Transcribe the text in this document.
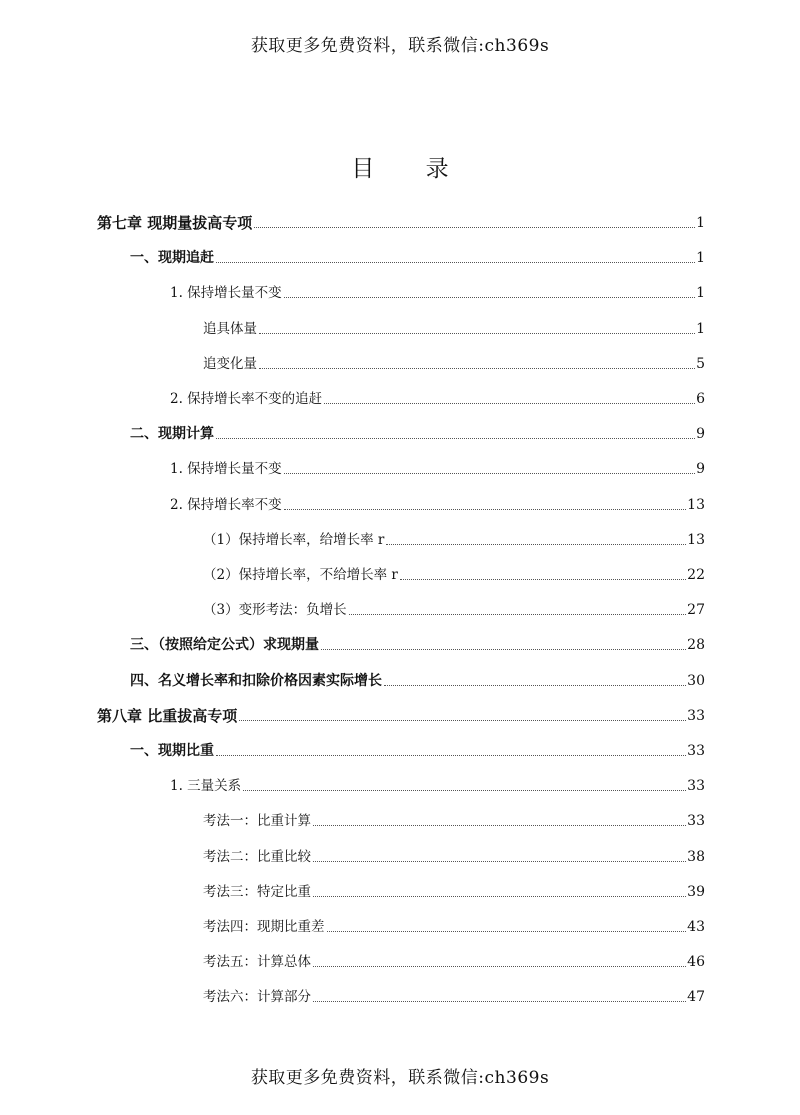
获取更多免费资料，联系微信:ch369s
目 录
第七章 现期量拔高专项	1
一、现期追赶	1
1. 保持增长量不变	1
追具体量	1
追变化量	5
2. 保持增长率不变的追赶	6
二、现期计算	9
1. 保持增长量不变	9
2. 保持增长率不变	13
（1）保持增长率，给增长率 r	13
（2）保持增长率，不给增长率 r	22
（3）变形考法：负增长	27
三、（按照给定公式）求现期量	28
四、名义增长率和扣除价格因素实际增长	30
第八章 比重拔高专项	33
一、现期比重	33
1. 三量关系	33
考法一：比重计算	33
考法二：比重比较	38
考法三：特定比重	39
考法四：现期比重差	43
考法五：计算总体	46
考法六：计算部分	47
获取更多免费资料，联系微信:ch369s
